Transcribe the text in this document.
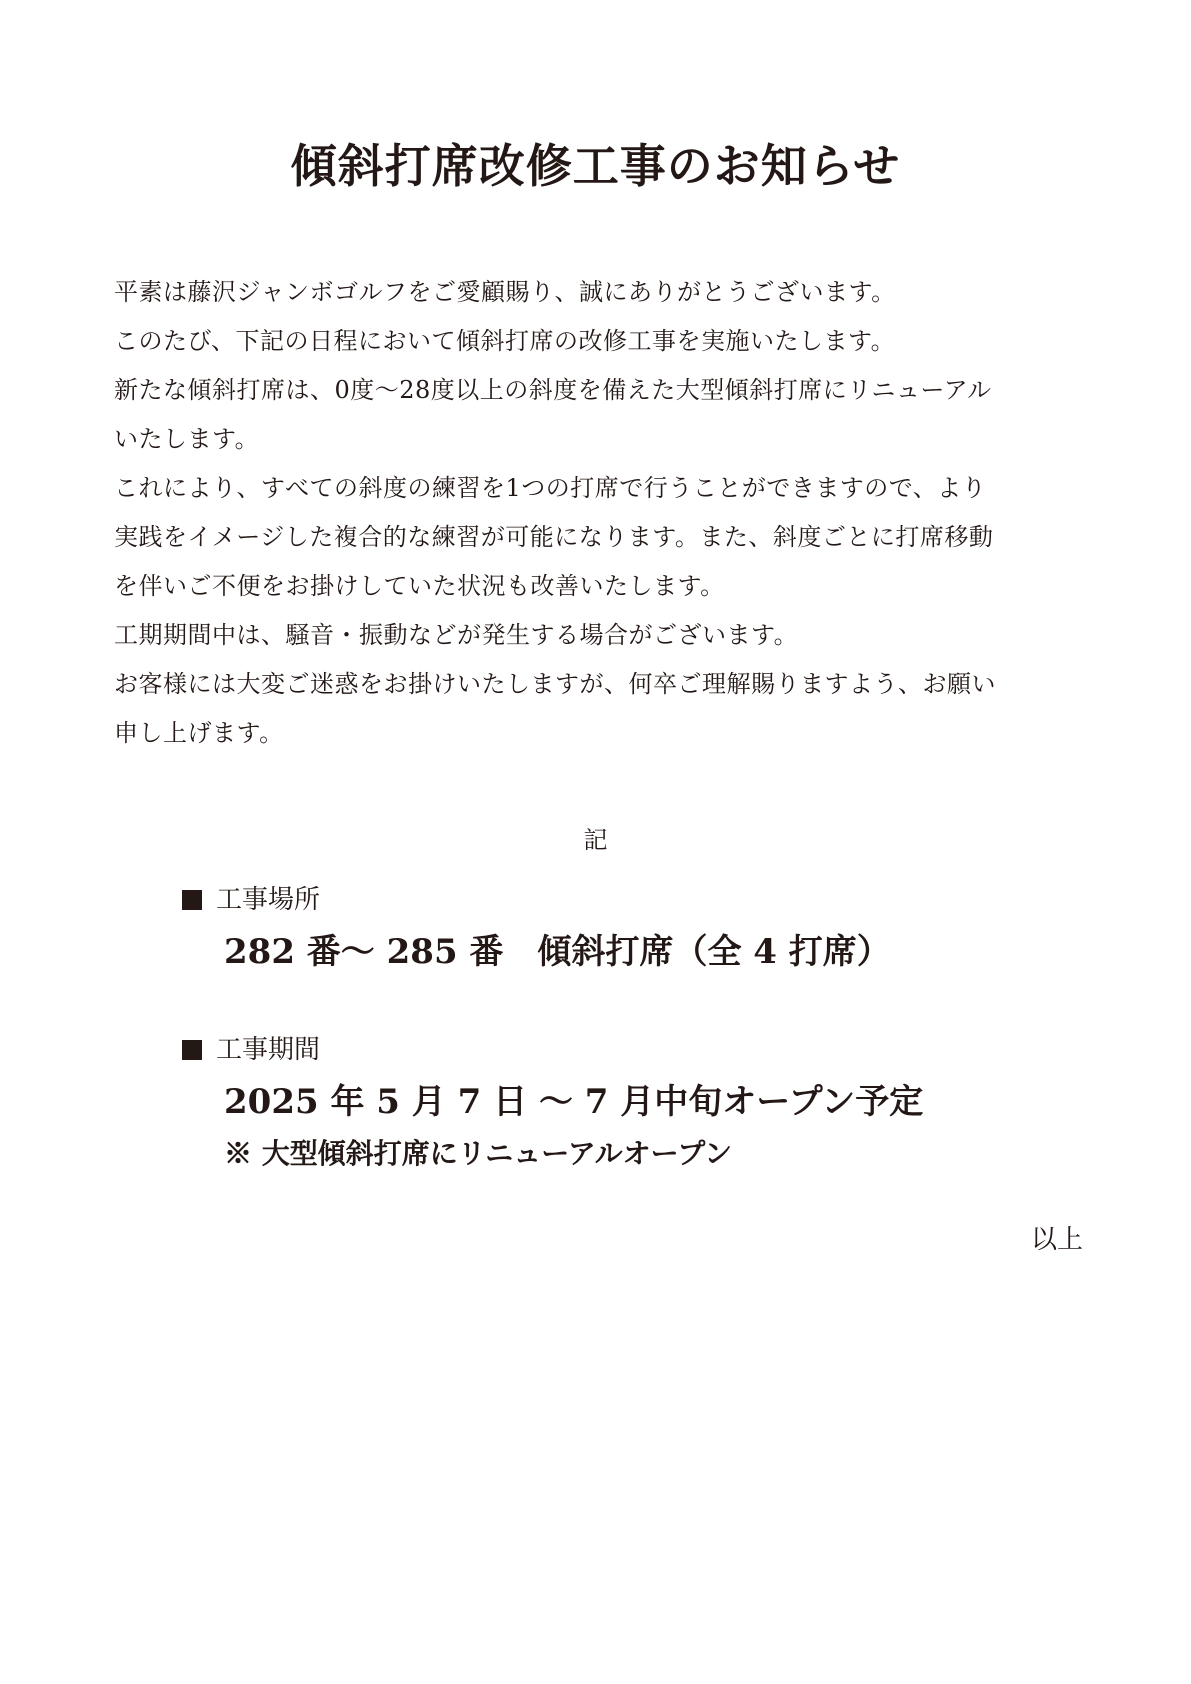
傾斜打席改修工事のお知らせ
平素は藤沢ジャンボゴルフをご愛顧賜り、誠にありがとうございます。
このたび、下記の日程において傾斜打席の改修工事を実施いたします。
新たな傾斜打席は、0度～28度以上の斜度を備えた大型傾斜打席にリニューアル
いたします。
これにより、すべての斜度の練習を1つの打席で行うことができますので、より
実践をイメージした複合的な練習が可能になります。また、斜度ごとに打席移動
を伴いご不便をお掛けしていた状況も改善いたします。
工期期間中は、騒音・振動などが発生する場合がございます。
お客様には大変ご迷惑をお掛けいたしますが、何卒ご理解賜りますよう、お願い
申し上げます。
記
工事場所
282 番～ 285 番　傾斜打席（全 4 打席）
工事期間
2025 年 5 月 7 日 ～ 7 月中旬オープン予定
※ 大型傾斜打席にリニューアルオープン
以上
